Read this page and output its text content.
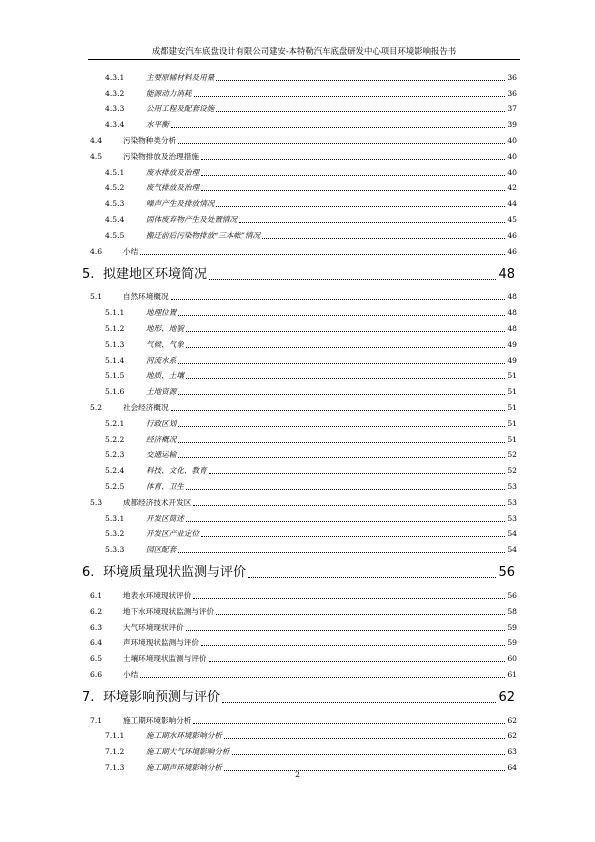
成都建安汽车底盘设计有限公司建安-本特勒汽车底盘研发中心项目环境影响报告书
4.3.1	主要原辅材料及用量	36
4.3.2	能源动力消耗	36
4.3.3	公用工程及配套设施	37
4.3.4	水平衡	39
4.4	污染物种类分析	40
4.5	污染物排放及治理措施	40
4.5.1	废水排放及治理	40
4.5.2	废气排放及治理	42
4.5.3	噪声产生及排放情况	44
4.5.4	固体废弃物产生及处置情况	45
4.5.5	搬迁前后污染物排放“三本帐”情况	46
4.6	小结	46
5. 拟建地区环境简况	48
5.1	自然环境概况	48
5.1.1	地理位置	48
5.1.2	地形、地貌	48
5.1.3	气候、气象	49
5.1.4	河流水系	49
5.1.5	地质、土壤	51
5.1.6	土地资源	51
5.2	社会经济概况	51
5.2.1	行政区划	51
5.2.2	经济概况	51
5.2.3	交通运输	52
5.2.4	科技、文化、教育	52
5.2.5	体育、卫生	53
5.3	成都经济技术开发区	53
5.3.1	开发区简述	53
5.3.2	开发区产业定位	54
5.3.3	园区配套	54
6. 环境质量现状监测与评价	56
6.1	地表水环境现状评价	56
6.2	地下水环境现状监测与评价	58
6.3	大气环境现状评价	59
6.4	声环境现状监测与评价	59
6.5	土壤环境现状监测与评价	60
6.6	小结	61
7. 环境影响预测与评价	62
7.1	施工期环境影响分析	62
7.1.1	施工期水环境影响分析	62
7.1.2	施工期大气环境影响分析	63
7.1.3	施工期声环境影响分析	64
2
